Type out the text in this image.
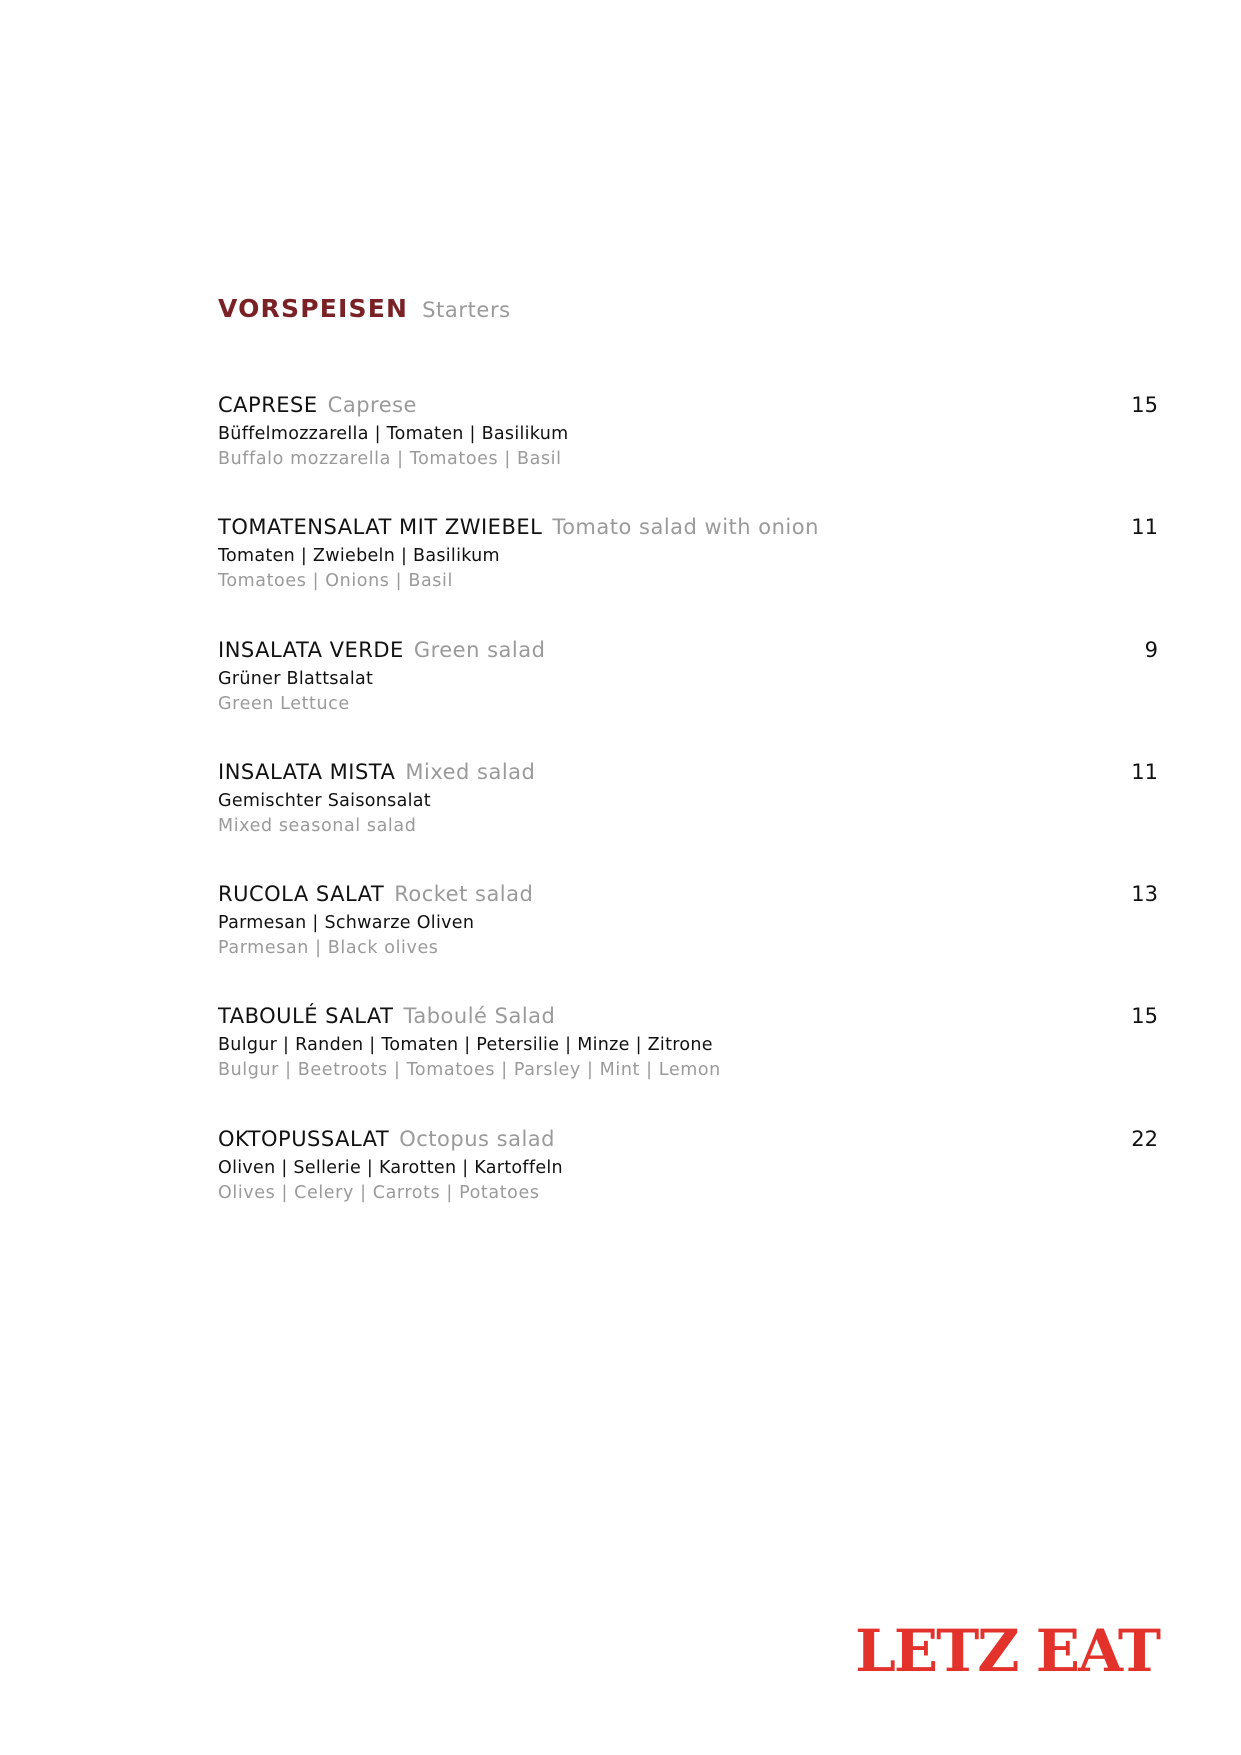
VORSPEISEN Starters
CAPRESE Caprese	15
Büffelmozzarella | Tomaten | Basilikum
Buffalo mozzarella | Tomatoes | Basil
TOMATENSALAT MIT ZWIEBEL Tomato salad with onion	11
Tomaten | Zwiebeln | Basilikum
Tomatoes | Onions | Basil
INSALATA VERDE Green salad	9
Grüner Blattsalat
Green Lettuce
INSALATA MISTA Mixed salad	11
Gemischter Saisonsalat
Mixed seasonal salad
RUCOLA SALAT Rocket salad	13
Parmesan | Schwarze Oliven
Parmesan | Black olives
TABOULÉ SALAT Taboulé Salad	15
Bulgur | Randen | Tomaten | Petersilie | Minze | Zitrone
Bulgur | Beetroots | Tomatoes | Parsley | Mint | Lemon
OKTOPUSSALAT Octopus salad	22
Oliven | Sellerie | Karotten | Kartoffeln
Olives | Celery | Carrots | Potatoes
LETZ EAT
